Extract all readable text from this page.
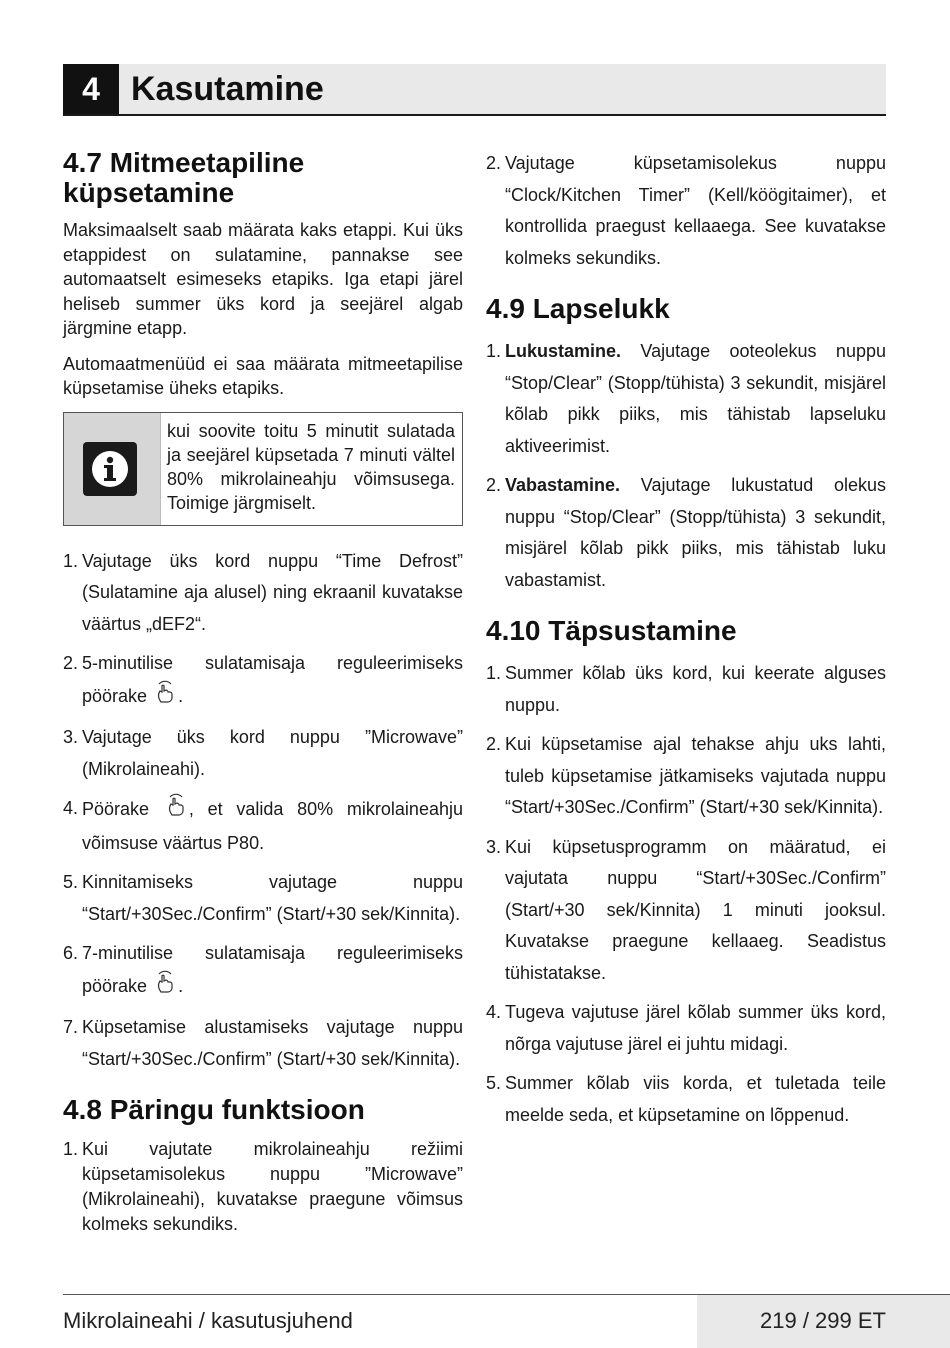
4 Kasutamine
4.7 Mitmeetapiline küpsetamine

Maksimaalselt saab määrata kaks etappi. Kui üks etappidest on sulatamine, pannakse see automaatselt esimeseks etapiks. Iga etapi järel heliseb summer üks kord ja seejärel algab järgmine etapp.

Automaatmenüüd ei saa määrata mitmeetapilise küpsetamise üheks etapiks.

kui soovite toitu 5 minutit sulatada ja seejärel küpsetada 7 minuti vältel 80% mikrolaineahju võimsusega. Toimige järgmiselt.
1. Vajutage üks kord nuppu “Time Defrost” (Sulatamine aja alusel) ning ekraanil kuvatakse väärtus „dEF2“.
2. 5-minutilise sulatamisaja reguleerimiseks pöörake .
3. Vajutage üks kord nuppu ”Microwave” (Mikrolaineahi).
4. Pöörake , et valida 80% mikrolaineahju võimsuse väärtus P80.
5. Kinnitamiseks vajutage nuppu “Start/+30Sec./Confirm” (Start/+30 sek/Kinnita).
6. 7-minutilise sulatamisaja reguleerimiseks pöörake .
7. Küpsetamise alustamiseks vajutage nuppu “Start/+30Sec./Confirm” (Start/+30 sek/Kinnita).
4.8 Päringu funktsioon
1. Kui vajutate mikrolaineahju režiimi küpsetamisolekus nuppu ”Microwave” (Mikrolaineahi), kuvatakse praegune võimsus kolmeks sekundiks.
2. Vajutage küpsetamisolekus nuppu “Clock/Kitchen Timer” (Kell/köögitaimer), et kontrollida praegust kellaaega. See kuvatakse kolmeks sekundiks.
4.9 Lapselukk
1. Lukustamine. Vajutage ooteolekus nuppu “Stop/Clear” (Stopp/tühista) 3 sekundit, misjärel kõlab pikk piiks, mis tähistab lapseluku aktiveerimist.
2. Vabastamine. Vajutage lukustatud olekus nuppu “Stop/Clear” (Stopp/tühista) 3 sekundit, misjärel kõlab pikk piiks, mis tähistab luku vabastamist.
4.10 Täpsustamine
1. Summer kõlab üks kord, kui keerate alguses nuppu.
2. Kui küpsetamise ajal tehakse ahju uks lahti, tuleb küpsetamise jätkamiseks vajutada nuppu “Start/+30Sec./Confirm” (Start/+30 sek/Kinnita).
3. Kui küpsetusprogramm on määratud, ei vajutata nuppu “Start/+30Sec./Confirm” (Start/+30 sek/Kinnita) 1 minuti jooksul. Kuvatakse praegune kellaaeg. Seadistus tühistatakse.
4. Tugeva vajutuse järel kõlab summer üks kord, nõrga vajutuse järel ei juhtu midagi.
5. Summer kõlab viis korda, et tuletada teile meelde seda, et küpsetamine on lõppenud.
Mikrolaineahi / kasutusjuhend	219 / 299 ET
